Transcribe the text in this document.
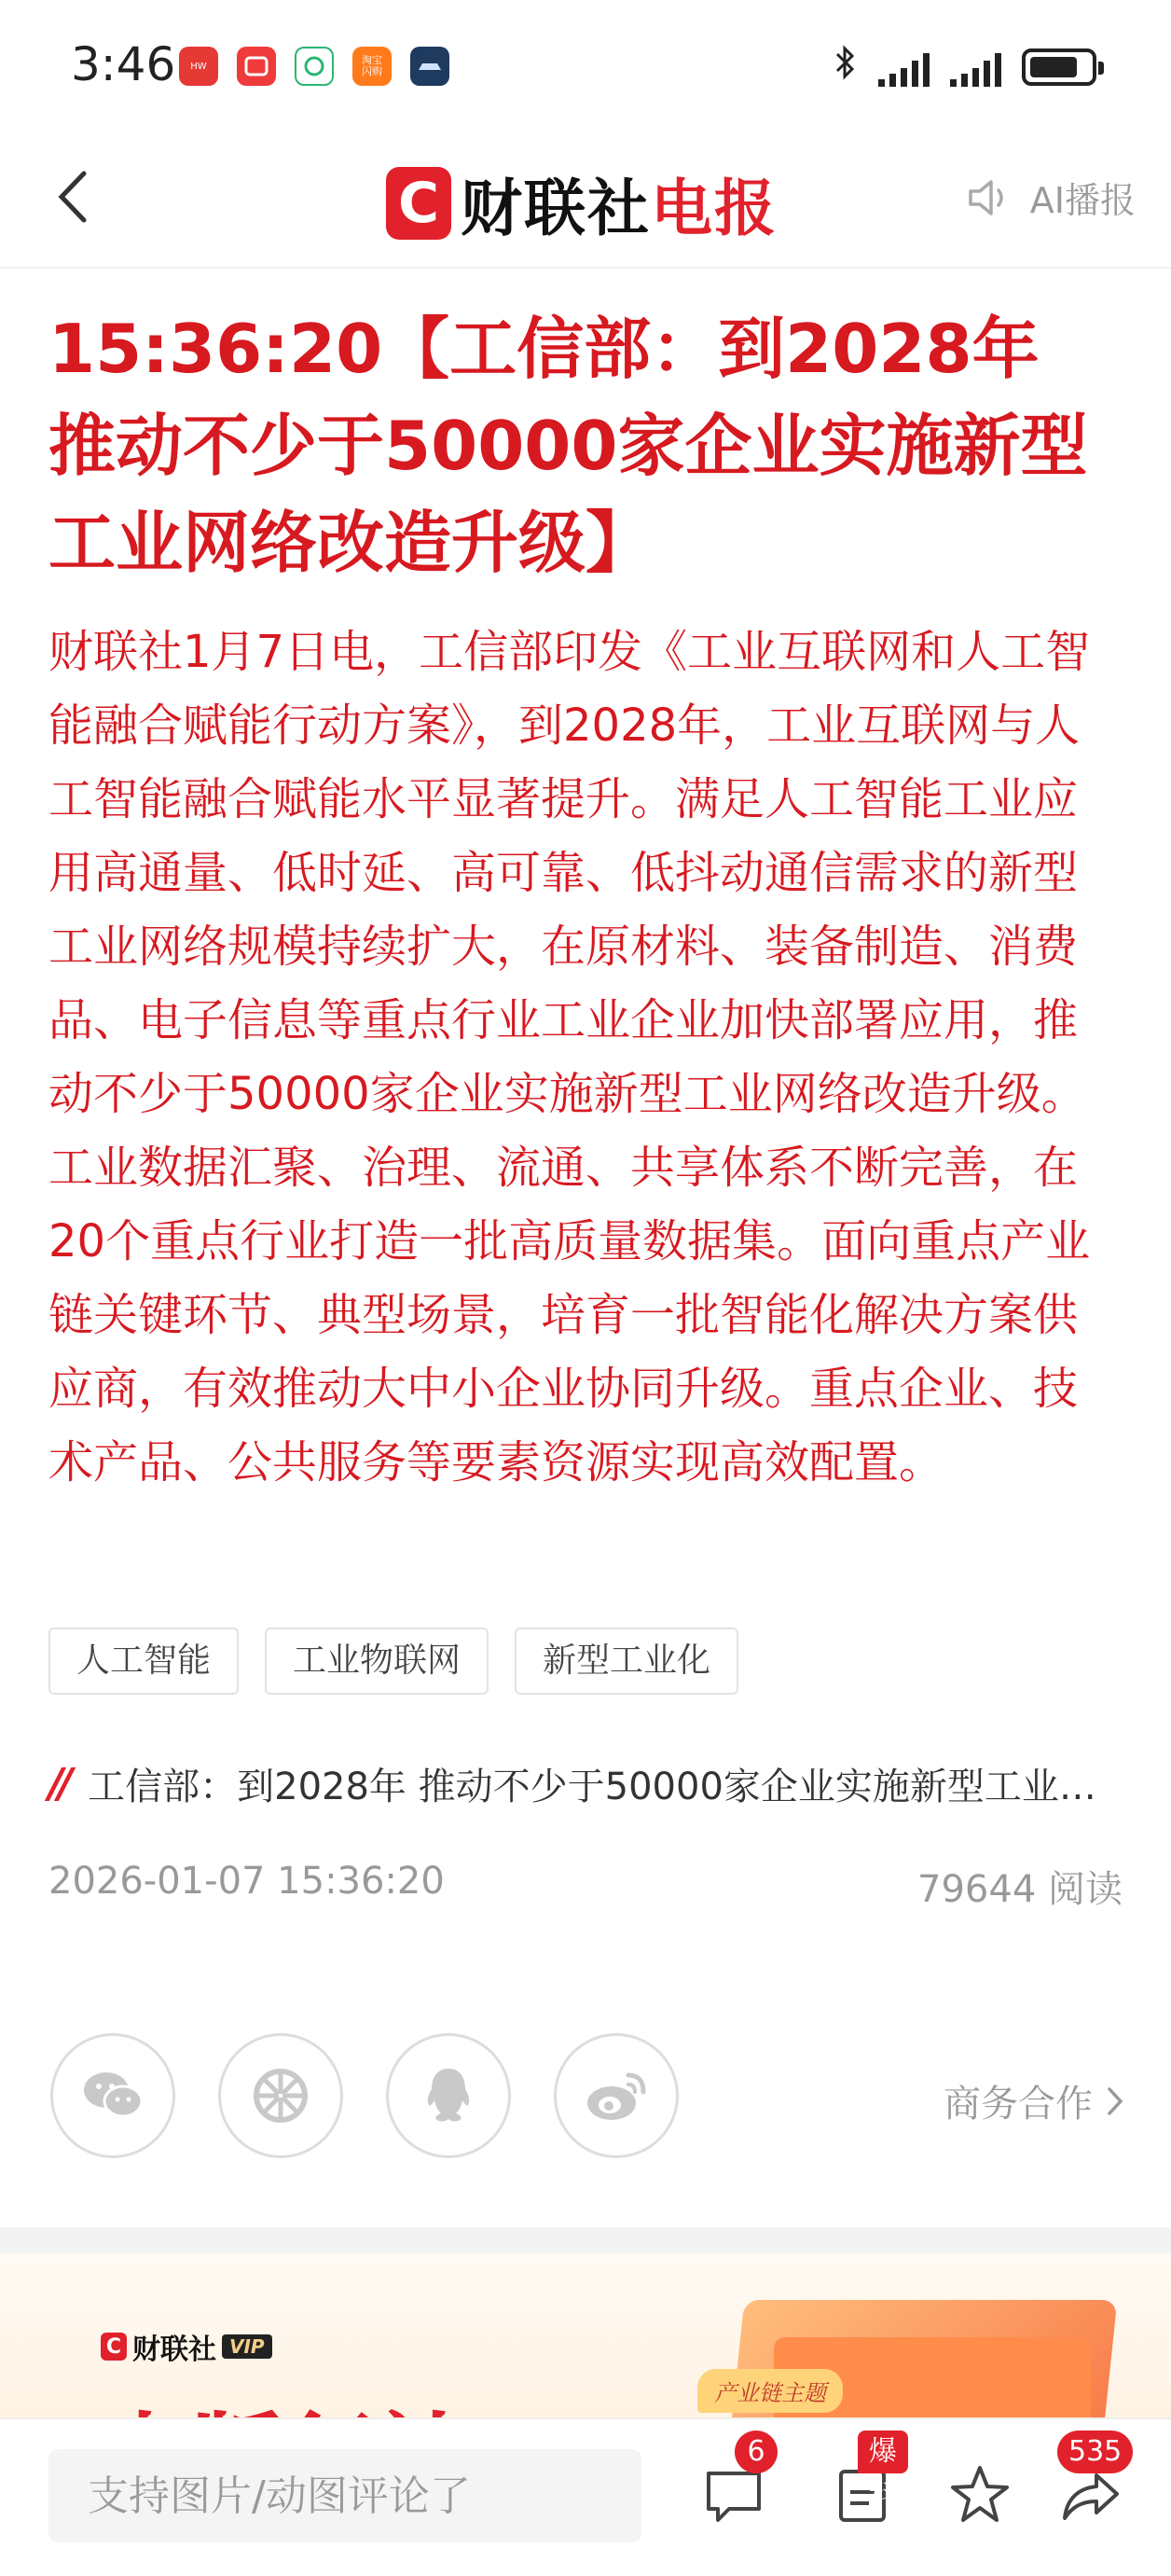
3:46	HW	淘宝
闪购
C 财联社电报	AI播报
15:36:20【工信部：到2028年 推动不少于50000家企业实施新型工业网络改造升级】

财联社1月7日电，工信部印发《工业互联网和人工智能融合赋能行动方案》，到2028年，工业互联网与人工智能融合赋能水平显著提升。满足人工智能工业应用高通量、低时延、高可靠、低抖动通信需求的新型工业网络规模持续扩大，在原材料、装备制造、消费品、电子信息等重点行业工业企业加快部署应用，推动不少于50000家企业实施新型工业网络改造升级。工业数据汇聚、治理、流通、共享体系不断完善，在20个重点行业打造一批高质量数据集。面向重点产业链关键环节、典型场景，培育一批智能化解决方案供应商，有效推动大中小企业协同升级。重点企业、技术产品、公共服务等要素资源实现高效配置。

人工智能	工业物联网	新型工业化
// 工信部：到2028年 推动不少于50000家企业实施新型工业…
2026-01-07 15:36:20	79644 阅读
商务合作
C 财联社 VIP
产业链主题
支持图片/动图评论了
6	爆料
535
